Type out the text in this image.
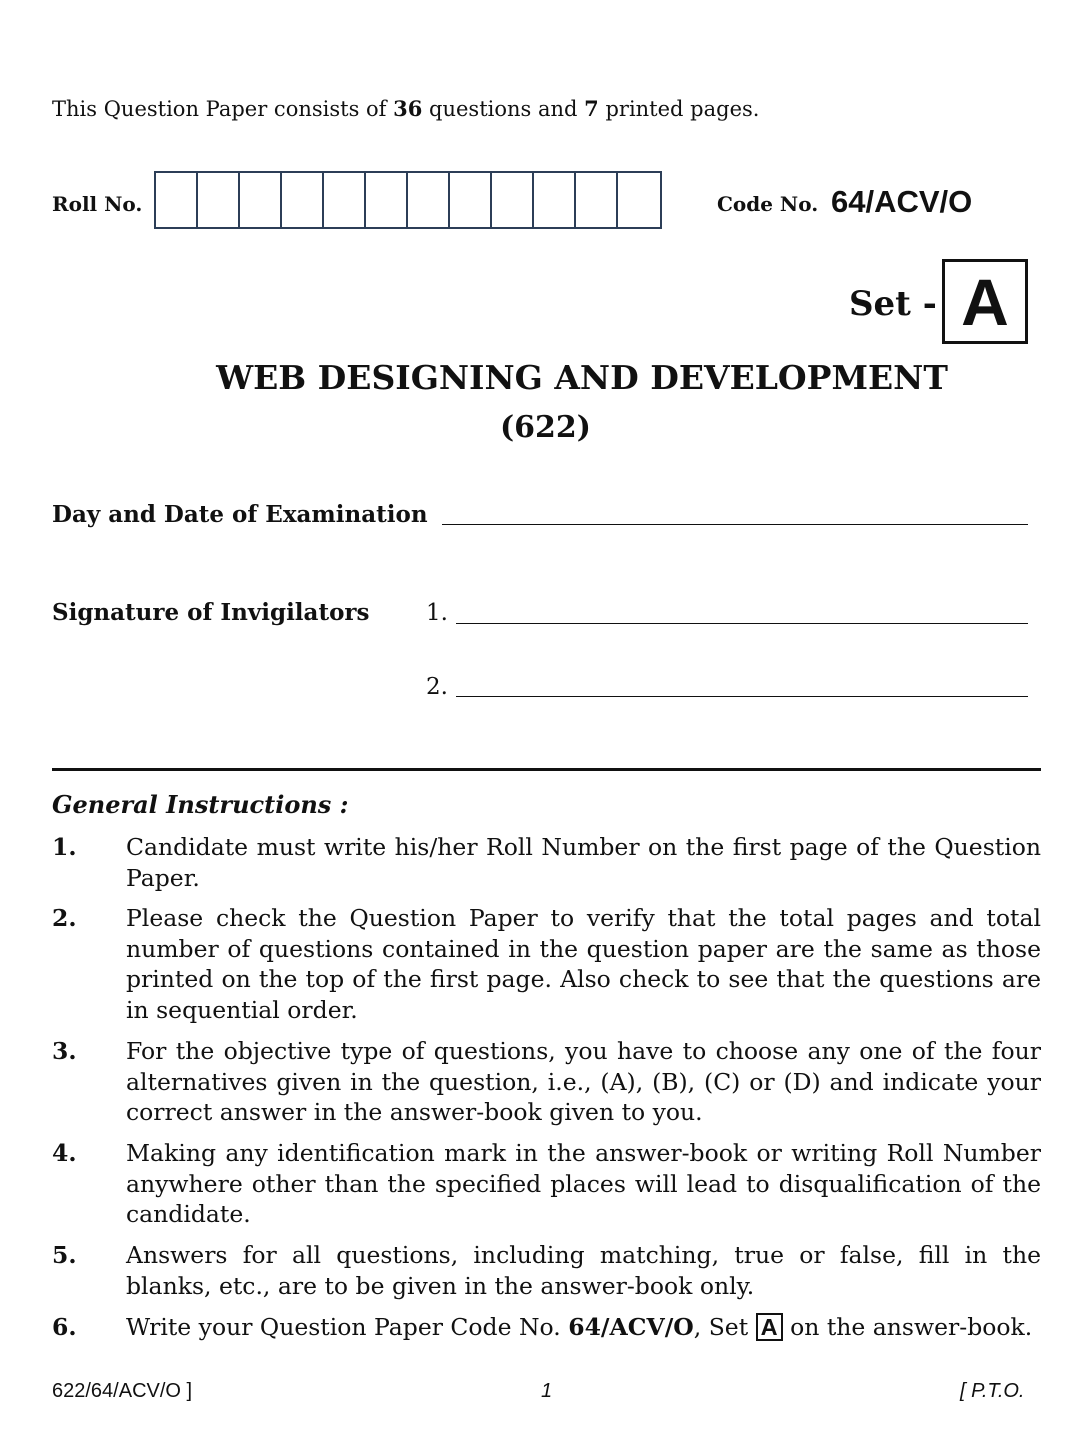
This Question Paper consists of 36 questions and 7 printed pages.
Roll No.	Code No. 64/ACV/O
Set - A
WEB DESIGNING AND DEVELOPMENT
(622)
Day and Date of Examination
Signature of Invigilators 1.
2.
General Instructions :
1.	Candidate must write his/her Roll Number on the first page of the Question Paper.
2.	Please check the Question Paper to verify that the total pages and total number of questions contained in the question paper are the same as those printed on the top of the first page. Also check to see that the questions are in sequential order.
3.	For the objective type of questions, you have to choose any one of the four alternatives given in the question, i.e., (A), (B), (C) or (D) and indicate your correct answer in the answer-book given to you.
4.	Making any identification mark in the answer-book or writing Roll Number anywhere other than the specified places will lead to disqualification of the candidate.
5.	Answers for all questions, including matching, true or false, fill in the blanks, etc., are to be given in the answer-book only.
6.	Write your Question Paper Code No. 64/ACV/O, Set A on the answer-book.
622/64/ACV/O ]	1	[ P.T.O.
